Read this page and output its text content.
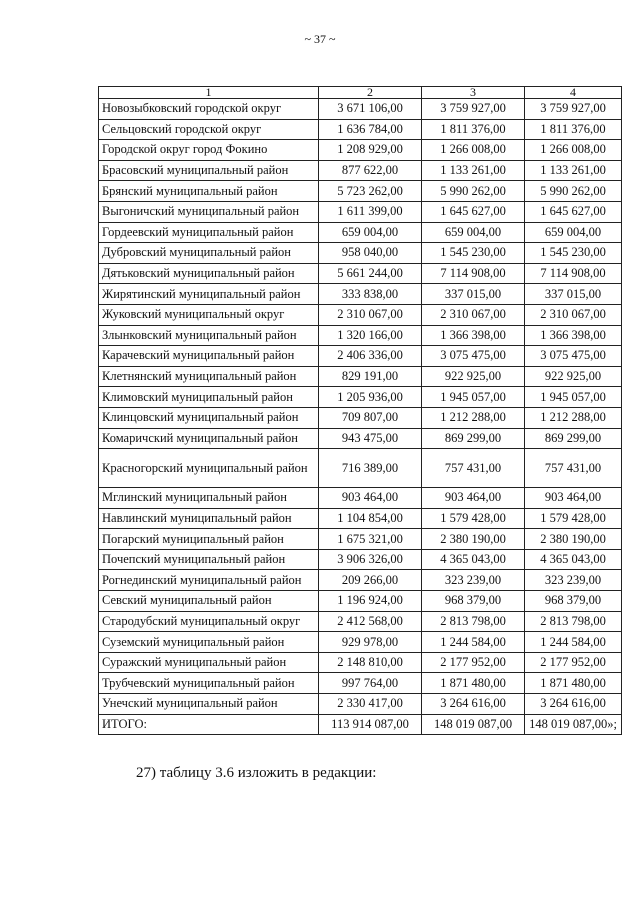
~ 37 ~
1	2	3	4
Новозыбковский городской округ	3 671 106,00	3 759 927,00	3 759 927,00
Сельцовский городской округ	1 636 784,00	1 811 376,00	1 811 376,00
Городской округ город Фокино	1 208 929,00	1 266 008,00	1 266 008,00
Брасовский муниципальный район	877 622,00	1 133 261,00	1 133 261,00
Брянский муниципальный район	5 723 262,00	5 990 262,00	5 990 262,00
Выгоничский муниципальный район	1 611 399,00	1 645 627,00	1 645 627,00
Гордеевский муниципальный район	659 004,00	659 004,00	659 004,00
Дубровский муниципальный район	958 040,00	1 545 230,00	1 545 230,00
Дятьковский муниципальный район	5 661 244,00	7 114 908,00	7 114 908,00
Жирятинский муниципальный район	333 838,00	337 015,00	337 015,00
Жуковский муниципальный округ	2 310 067,00	2 310 067,00	2 310 067,00
Злынковский муниципальный район	1 320 166,00	1 366 398,00	1 366 398,00
Карачевский муниципальный район	2 406 336,00	3 075 475,00	3 075 475,00
Клетнянский муниципальный район	829 191,00	922 925,00	922 925,00
Климовский муниципальный район	1 205 936,00	1 945 057,00	1 945 057,00
Клинцовский муниципальный район	709 807,00	1 212 288,00	1 212 288,00
Комаричский муниципальный район	943 475,00	869 299,00	869 299,00
Красногорский муниципальный район	716 389,00	757 431,00	757 431,00
Мглинский муниципальный район	903 464,00	903 464,00	903 464,00
Навлинский муниципальный район	1 104 854,00	1 579 428,00	1 579 428,00
Погарский муниципальный район	1 675 321,00	2 380 190,00	2 380 190,00
Почепский муниципальный район	3 906 326,00	4 365 043,00	4 365 043,00
Рогнединский муниципальный район	209 266,00	323 239,00	323 239,00
Севский муниципальный район	1 196 924,00	968 379,00	968 379,00
Стародубский муниципальный округ	2 412 568,00	2 813 798,00	2 813 798,00
Суземский муниципальный район	929 978,00	1 244 584,00	1 244 584,00
Суражский муниципальный район	2 148 810,00	2 177 952,00	2 177 952,00
Трубчевский муниципальный район	997 764,00	1 871 480,00	1 871 480,00
Унечский муниципальный район	2 330 417,00	3 264 616,00	3 264 616,00
ИТОГО:	113 914 087,00	148 019 087,00	148 019 087,00»;
27) таблицу 3.6 изложить в редакции:
